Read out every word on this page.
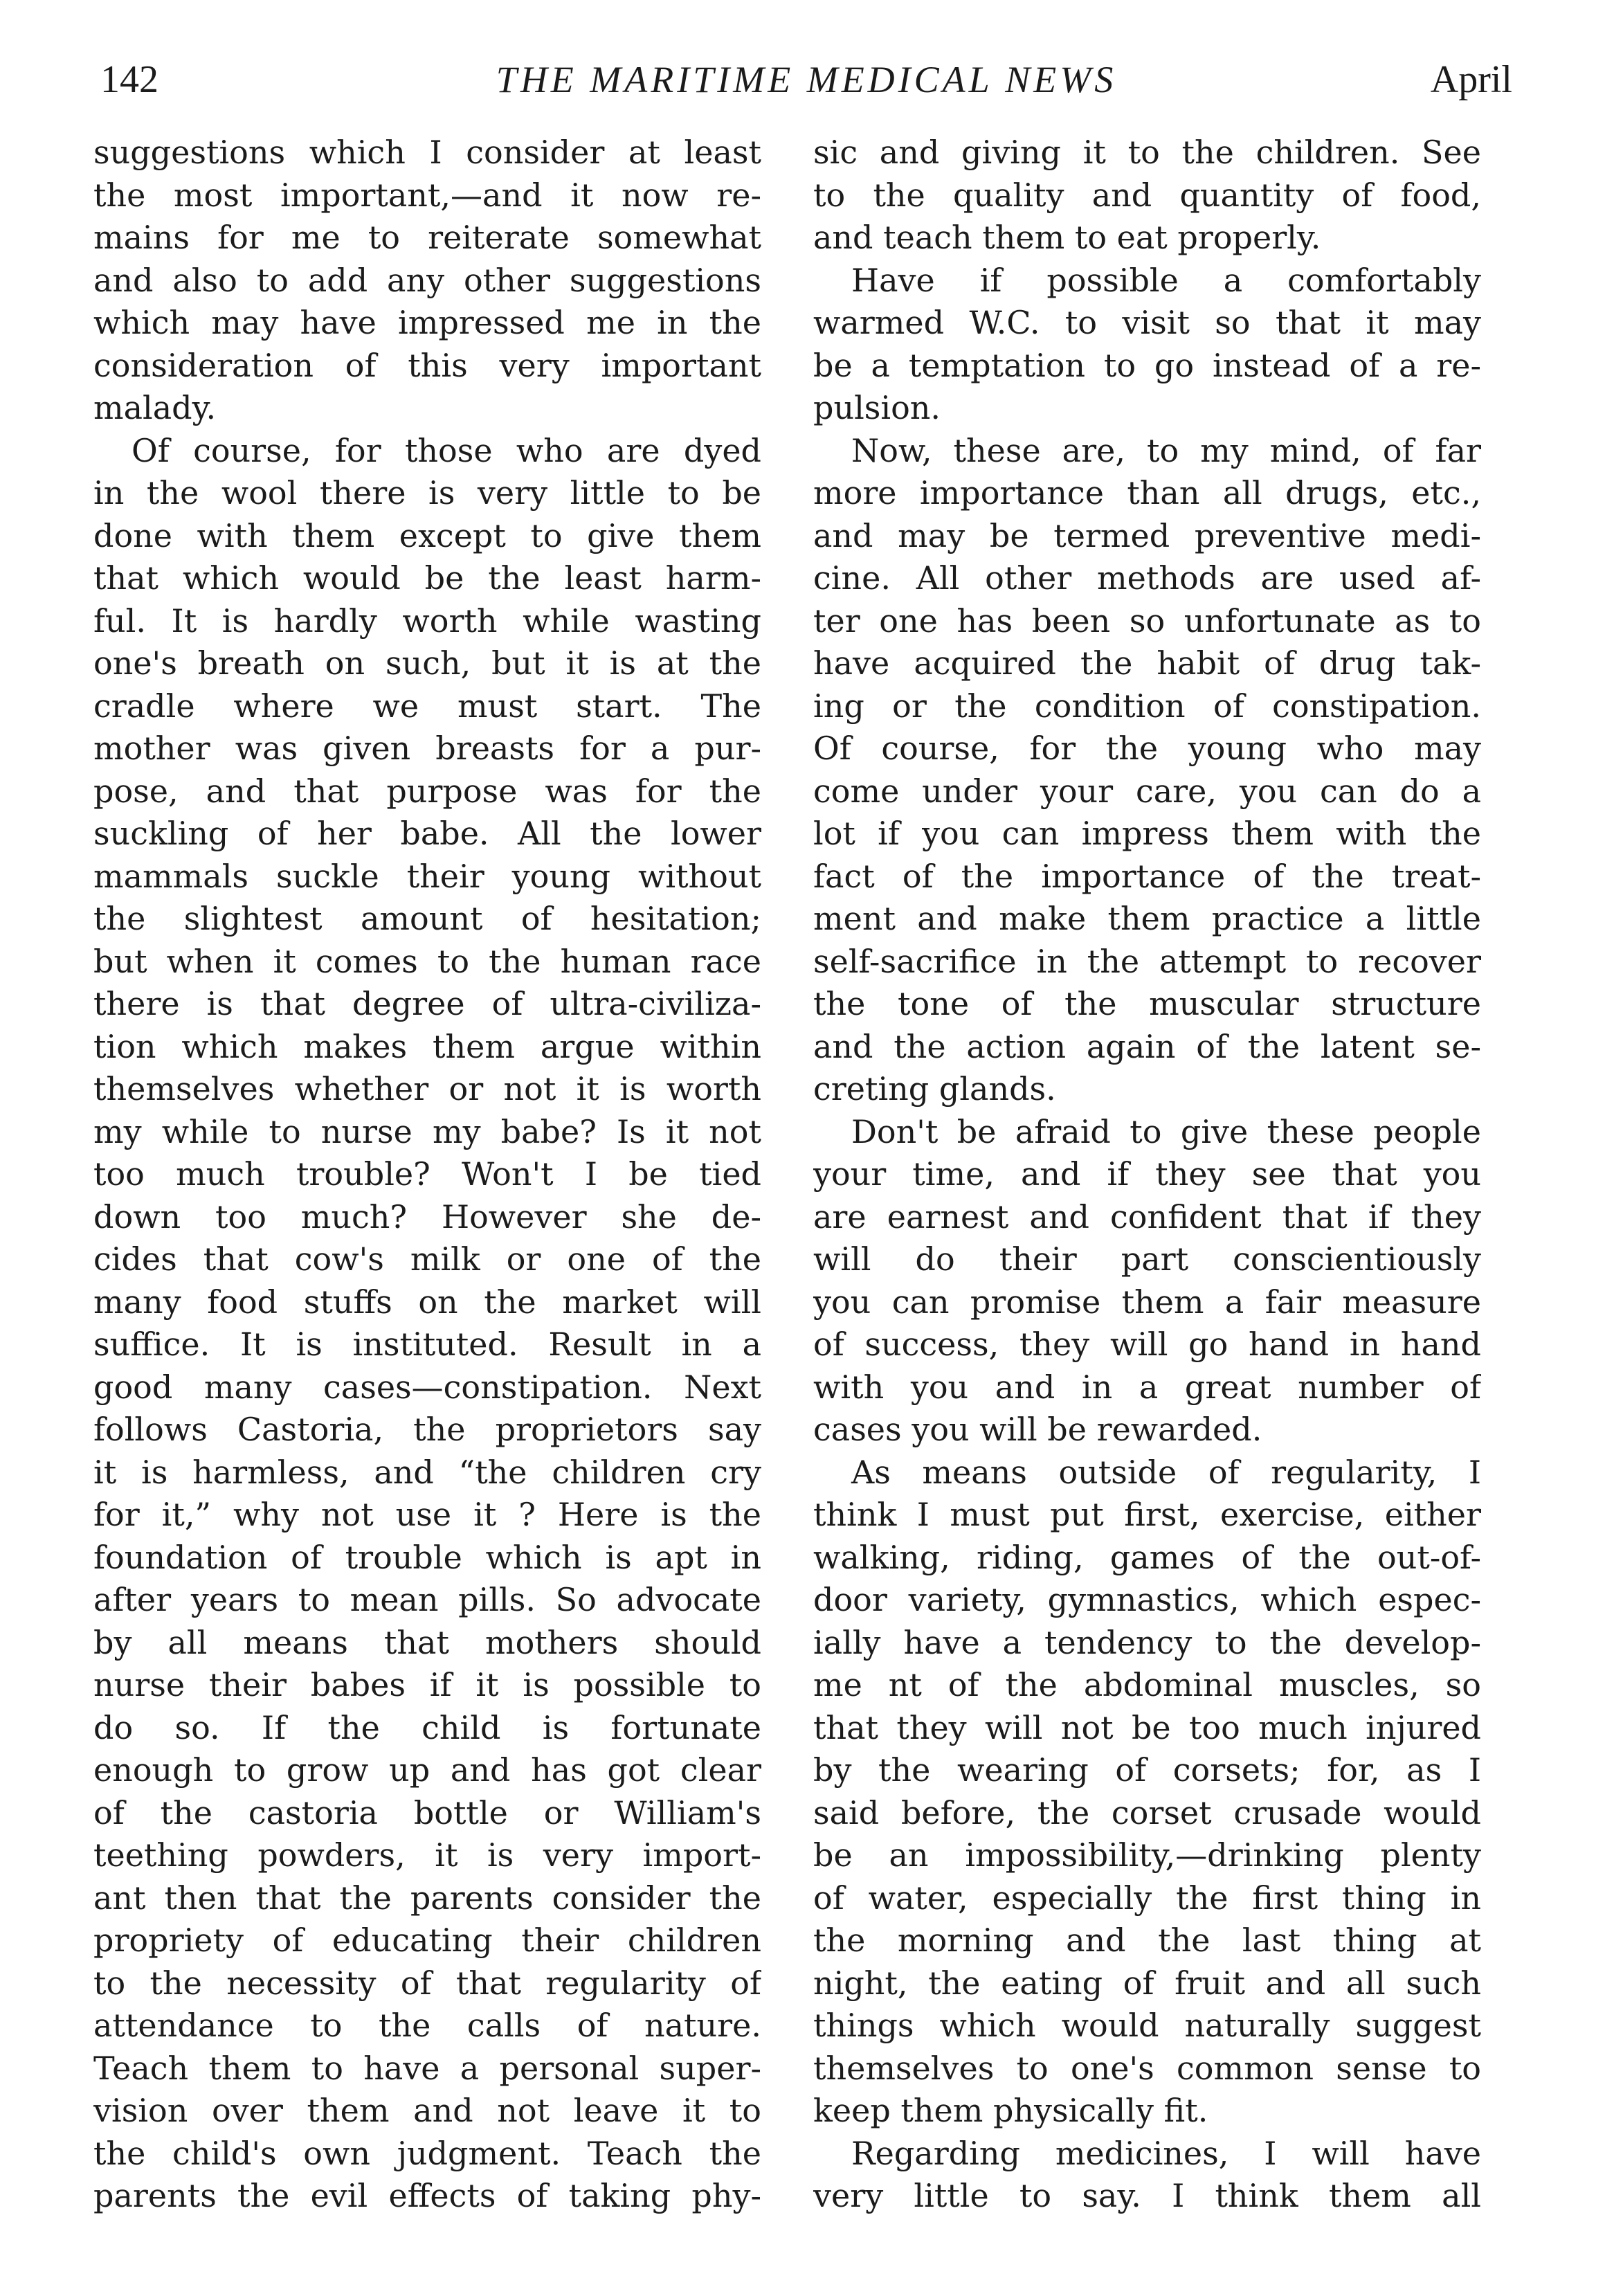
142	THE MARITIME MEDICAL NEWS	April
suggestions which I consider at least
the most important,—and it now re-
mains for me to reiterate somewhat
and also to add any other suggestions
which may have impressed me in the
consideration of this very important
malady.
Of course, for those who are dyed
in the wool there is very little to be
done with them except to give them
that which would be the least harm-
ful. It is hardly worth while wasting
one's breath on such, but it is at the
cradle where we must start. The
mother was given breasts for a pur-
pose, and that purpose was for the
suckling of her babe. All the lower
mammals suckle their young without
the slightest amount of hesitation;
but when it comes to the human race
there is that degree of ultra-civiliza-
tion which makes them argue within
themselves whether or not it is worth
my while to nurse my babe? Is it not
too much trouble? Won't I be tied
down too much? However she de-
cides that cow's milk or one of the
many food stuffs on the market will
suffice. It is instituted. Result in a
good many cases—constipation. Next
follows Castoria, the proprietors say
it is harmless, and “the children cry
for it,” why not use it ? Here is the
foundation of trouble which is apt in
after years to mean pills. So advocate
by all means that mothers should
nurse their babes if it is possible to
do so. If the child is fortunate
enough to grow up and has got clear
of the castoria bottle or William's
teething powders, it is very import-
ant then that the parents consider the
propriety of educating their children
to the necessity of that regularity of
attendance to the calls of nature.
Teach them to have a personal super-
vision over them and not leave it to
the child's own judgment. Teach the
parents the evil effects of taking phy-
sic and giving it to the children. See
to the quality and quantity of food,
and teach them to eat properly.
Have if possible a comfortably
warmed W.C. to visit so that it may
be a temptation to go instead of a re-
pulsion.
Now, these are, to my mind, of far
more importance than all drugs, etc.,
and may be termed preventive medi-
cine. All other methods are used af-
ter one has been so unfortunate as to
have acquired the habit of drug tak-
ing or the condition of constipation.
Of course, for the young who may
come under your care, you can do a
lot if you can impress them with the
fact of the importance of the treat-
ment and make them practice a little
self-sacrifice in the attempt to recover
the tone of the muscular structure
and the action again of the latent se-
creting glands.
Don't be afraid to give these people
your time, and if they see that you
are earnest and confident that if they
will do their part conscientiously
you can promise them a fair measure
of success, they will go hand in hand
with you and in a great number of
cases you will be rewarded.
As means outside of regularity, I
think I must put first, exercise, either
walking, riding, games of the out-of-
door variety, gymnastics, which espec-
ially have a tendency to the develop-
me nt of the abdominal muscles, so
that they will not be too much injured
by the wearing of corsets; for, as I
said before, the corset crusade would
be an impossibility,—drinking plenty
of water, especially the first thing in
the morning and the last thing at
night, the eating of fruit and all such
things which would naturally suggest
themselves to one's common sense to
keep them physically fit.
Regarding medicines, I will have
very little to say. I think them all
